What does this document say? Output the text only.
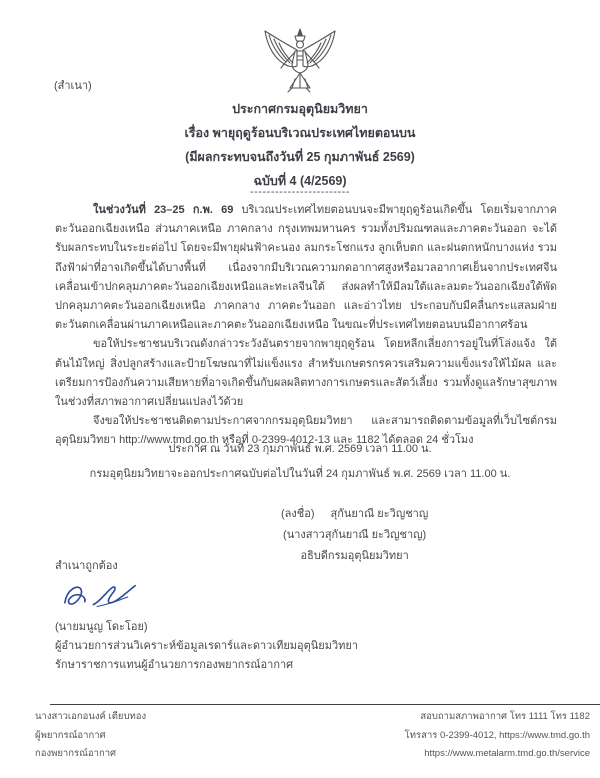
(สำเนา)
ประกาศกรมอุตุนิยมวิทยา
เรื่อง พายุฤดูร้อนบริเวณประเทศไทยตอนบน
(มีผลกระทบจนถึงวันที่ 25 กุมภาพันธ์ 2569)
ฉบับที่ 4 (4/2569)
------------------------

ในช่วงวันที่ 23–25 ก.พ. 69 บริเวณประเทศไทยตอนบนจะมีพายุฤดูร้อนเกิดขึ้น โดยเริ่มจากภาคตะวันออกเฉียงเหนือ ส่วนภาคเหนือ ภาคกลาง กรุงเทพมหานคร รวมทั้งปริมณฑลและภาคตะวันออก จะได้รับผลกระทบในระยะต่อไป โดยจะมีพายุฝนฟ้าคะนอง ลมกระโชกแรง ลูกเห็บตก และฝนตกหนักบางแห่ง รวมถึงฟ้าผ่าที่อาจเกิดขึ้นได้บางพื้นที่ เนื่องจากมีบริเวณความกดอากาศสูงหรือมวลอากาศเย็นจากประเทศจีนเคลื่อนเข้าปกคลุมภาคตะวันออกเฉียงเหนือและทะเลจีนใต้ ส่งผลทำให้มีลมใต้และลมตะวันออกเฉียงใต้พัดปกคลุมภาคตะวันออกเฉียงเหนือ ภาคกลาง ภาคตะวันออก และอ่าวไทย ประกอบกับมีคลื่นกระแสลมฝ่ายตะวันตกเคลื่อนผ่านภาคเหนือและภาคตะวันออกเฉียงเหนือ ในขณะที่ประเทศไทยตอนบนมีอากาศร้อน

ขอให้ประชาชนบริเวณดังกล่าวระวังอันตรายจากพายุฤดูร้อน โดยหลีกเลี่ยงการอยู่ในที่โล่งแจ้ง ใต้ต้นไม้ใหญ่ สิ่งปลูกสร้างและป้ายโฆษณาที่ไม่แข็งแรง สำหรับเกษตรกรควรเสริมความแข็งแรงให้ไม้ผล และเตรียมการป้องกันความเสียหายที่อาจเกิดขึ้นกับผลผลิตทางการเกษตรและสัตว์เลี้ยง รวมทั้งดูแลรักษาสุขภาพในช่วงที่สภาพอากาศเปลี่ยนแปลงไว้ด้วย

จึงขอให้ประชาชนติดตามประกาศจากกรมอุตุนิยมวิทยา และสามารถติดตามข้อมูลที่เว็บไซต์กรมอุตุนิยมวิทยา http://www.tmd.go.th หรือที่ 0-2399-4012-13 และ 1182 ได้ตลอด 24 ชั่วโมง

ประกาศ ณ วันที่ 23 กุมภาพันธ์ พ.ศ. 2569 เวลา 11.00 น.
กรมอุตุนิยมวิทยาจะออกประกาศฉบับต่อไปในวันที่ 24 กุมภาพันธ์ พ.ศ. 2569 เวลา 11.00 น.
(ลงชื่อ) สุกันยาณี ยะวิญชาญ
(นางสาวสุกันยาณี ยะวิญชาญ)
อธิบดีกรมอุตุนิยมวิทยา
สำเนาถูกต้อง
(นายมนูญ โดะโอย)
ผู้อำนวยการส่วนวิเคราะห์ข้อมูลเรดาร์และดาวเทียมอุตุนิยมวิทยา
รักษาราชการแทนผู้อำนวยการกองพยากรณ์อากาศ
นางสาวเอกอนงค์ เตียบทอง
ผู้พยากรณ์อากาศ
กองพยากรณ์อากาศ
สอบถามสภาพอากาศ โทร 1111 โทร 1182
โทรสาร 0-2399-4012, https://www.tmd.go.th
https://www.metalarm.tmd.go.th/service
